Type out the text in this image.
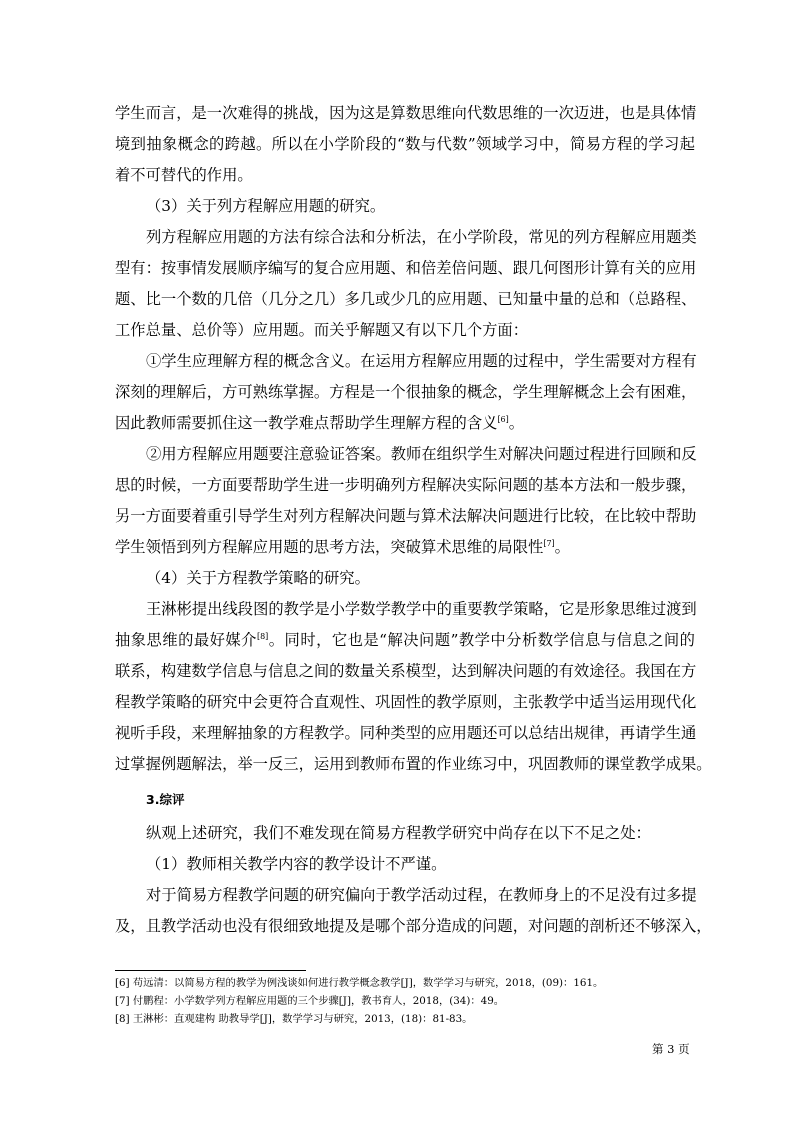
学生而言，是一次难得的挑战，因为这是算数思维向代数思维的一次迈进，也是具体情
境到抽象概念的跨越。所以在小学阶段的“数与代数”领域学习中，简易方程的学习起
着不可替代的作用。
（3）关于列方程解应用题的研究。
列方程解应用题的方法有综合法和分析法，在小学阶段，常见的列方程解应用题类
型有：按事情发展顺序编写的复合应用题、和倍差倍问题、跟几何图形计算有关的应用
题、比一个数的几倍（几分之几）多几或少几的应用题、已知量中量的总和（总路程、
工作总量、总价等）应用题。而关乎解题又有以下几个方面：
①学生应理解方程的概念含义。在运用方程解应用题的过程中，学生需要对方程有
深刻的理解后，方可熟练掌握。方程是一个很抽象的概念，学生理解概念上会有困难，
因此教师需要抓住这一教学难点帮助学生理解方程的含义[6]。
②用方程解应用题要注意验证答案。教师在组织学生对解决问题过程进行回顾和反
思的时候，一方面要帮助学生进一步明确列方程解决实际问题的基本方法和一般步骤，
另一方面要着重引导学生对列方程解决问题与算术法解决问题进行比较，在比较中帮助
学生领悟到列方程解应用题的思考方法，突破算术思维的局限性[7]。
（4）关于方程教学策略的研究。
王淋彬提出线段图的教学是小学数学教学中的重要教学策略，它是形象思维过渡到
抽象思维的最好媒介[8]。同时，它也是“解决问题”教学中分析数学信息与信息之间的
联系，构建数学信息与信息之间的数量关系模型，达到解决问题的有效途径。我国在方
程教学策略的研究中会更符合直观性、巩固性的教学原则，主张教学中适当运用现代化
视听手段，来理解抽象的方程教学。同种类型的应用题还可以总结出规律，再请学生通
过掌握例题解法，举一反三，运用到教师布置的作业练习中，巩固教师的课堂教学成果。
3.综评
纵观上述研究，我们不难发现在简易方程教学研究中尚存在以下不足之处：
（1）教师相关教学内容的教学设计不严谨。
对于简易方程教学问题的研究偏向于教学活动过程，在教师身上的不足没有过多提
及，且教学活动也没有很细致地提及是哪个部分造成的问题，对问题的剖析还不够深入，
[6] 苟远清：以简易方程的教学为例浅谈如何进行教学概念教学[J]，数学学习与研究，2018，(09)：161。
[7] 付鹏程：小学数学列方程解应用题的三个步骤[J]，教书育人，2018，(34)：49。
[8] 王淋彬：直观建构 助教导学[J]，数学学习与研究，2013，(18)：81-83。
第 3 页
